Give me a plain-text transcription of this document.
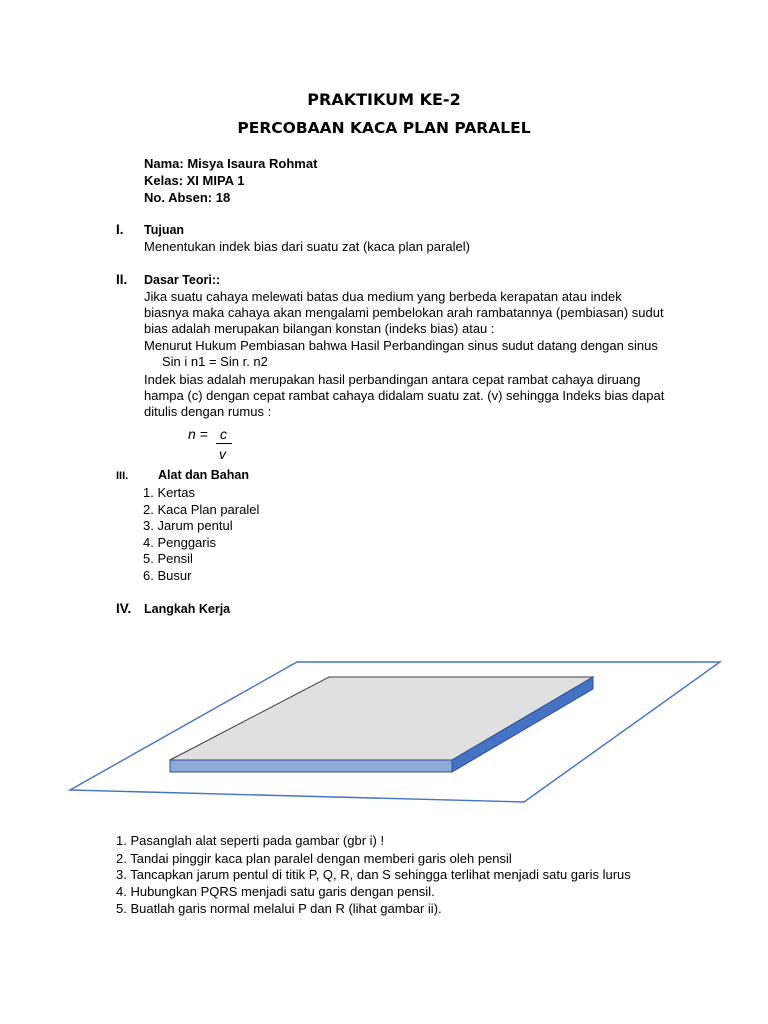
PRAKTIKUM KE-2
PERCOBAAN KACA PLAN PARALEL
Nama: Misya Isaura Rohmat
Kelas: XI MIPA 1
No. Absen: 18
I. Tujuan
Menentukan indek bias dari suatu zat (kaca plan paralel)
II. Dasar Teori::
Jika suatu cahaya melewati batas dua medium yang berbeda kerapatan atau indek
biasnya maka cahaya akan mengalami pembelokan arah rambatannya (pembiasan) sudut
bias adalah merupakan bilangan konstan (indeks bias) atau :
Menurut Hukum Pembiasan bahwa Hasil Perbandingan sinus sudut datang dengan sinus
Sin i n1 = Sin r. n2
Indek bias adalah merupakan hasil perbandingan antara cepat rambat cahaya diruang
hampa (c) dengan cepat rambat cahaya didalam suatu zat. (v) sehingga Indeks bias dapat
ditulis dengan rumus :
n = c
v
III. Alat dan Bahan
1. Kertas
2. Kaca Plan paralel
3. Jarum pentul
4. Penggaris
5. Pensil
6. Busur
IV. Langkah Kerja
1. Pasanglah alat seperti pada gambar (gbr i) !
2. Tandai pinggir kaca plan paralel dengan memberi garis oleh pensil
3. Tancapkan jarum pentul di titik P, Q, R, dan S sehingga terlihat menjadi satu garis lurus
4. Hubungkan PQRS menjadi satu garis dengan pensil.
5. Buatlah garis normal melalui P dan R (lihat gambar ii).
